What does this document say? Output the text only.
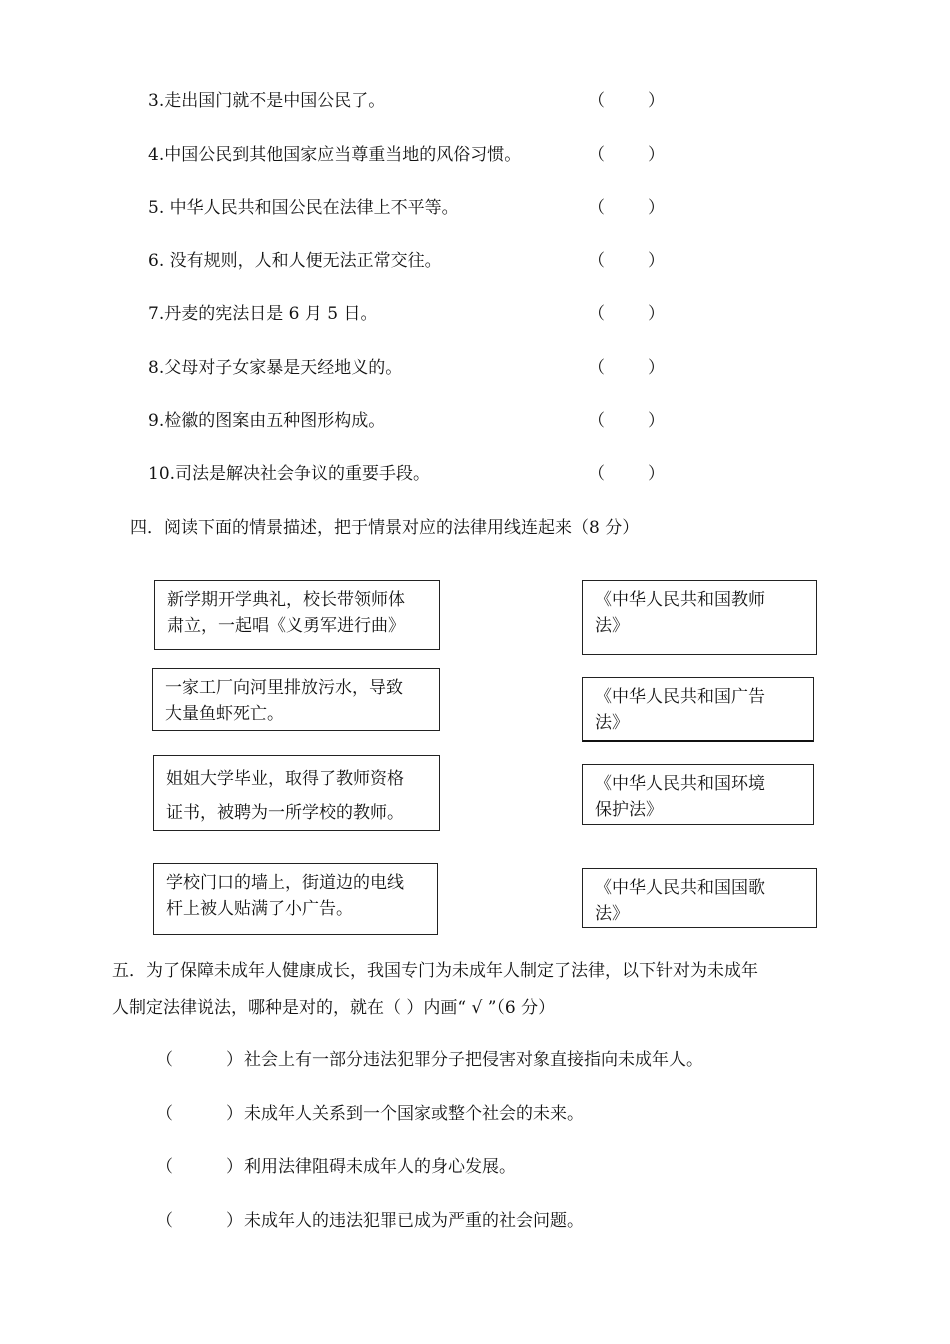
3.走出国门就不是中国公民了。	（	）
4.中国公民到其他国家应当尊重当地的风俗习惯。	（	）
5. 中华人民共和国公民在法律上不平等。	（	）
6. 没有规则，人和人便无法正常交往。	（	）
7.丹麦的宪法日是 6 月 5 日。	（	）
8.父母对子女家暴是天经地义的。	（	）
9.检徽的图案由五种图形构成。	（	）
10.司法是解决社会争议的重要手段。	（	）
四．阅读下面的情景描述，把于情景对应的法律用线连起来（8 分）
新学期开学典礼，校长带领师体
肃立，一起唱《义勇军进行曲》
一家工厂向河里排放污水，导致
大量鱼虾死亡。
姐姐大学毕业，取得了教师资格
证书，被聘为一所学校的教师。
学校门口的墙上，街道边的电线
杆上被人贴满了小广告。
《中华人民共和国教师
法》
《中华人民共和国广告
法》
《中华人民共和国环境
保护法》
《中华人民共和国国歌
法》
五．为了保障未成年人健康成长，我国专门为未成年人制定了法律，以下针对为未成年
人制定法律说法，哪种是对的，就在（ ）内画“ √ ”（6 分）
（	） 社会上有一部分违法犯罪分子把侵害对象直接指向未成年人。
（	） 未成年人关系到一个国家或整个社会的未来。
（	） 利用法律阻碍未成年人的身心发展。
（	） 未成年人的违法犯罪已成为严重的社会问题。
